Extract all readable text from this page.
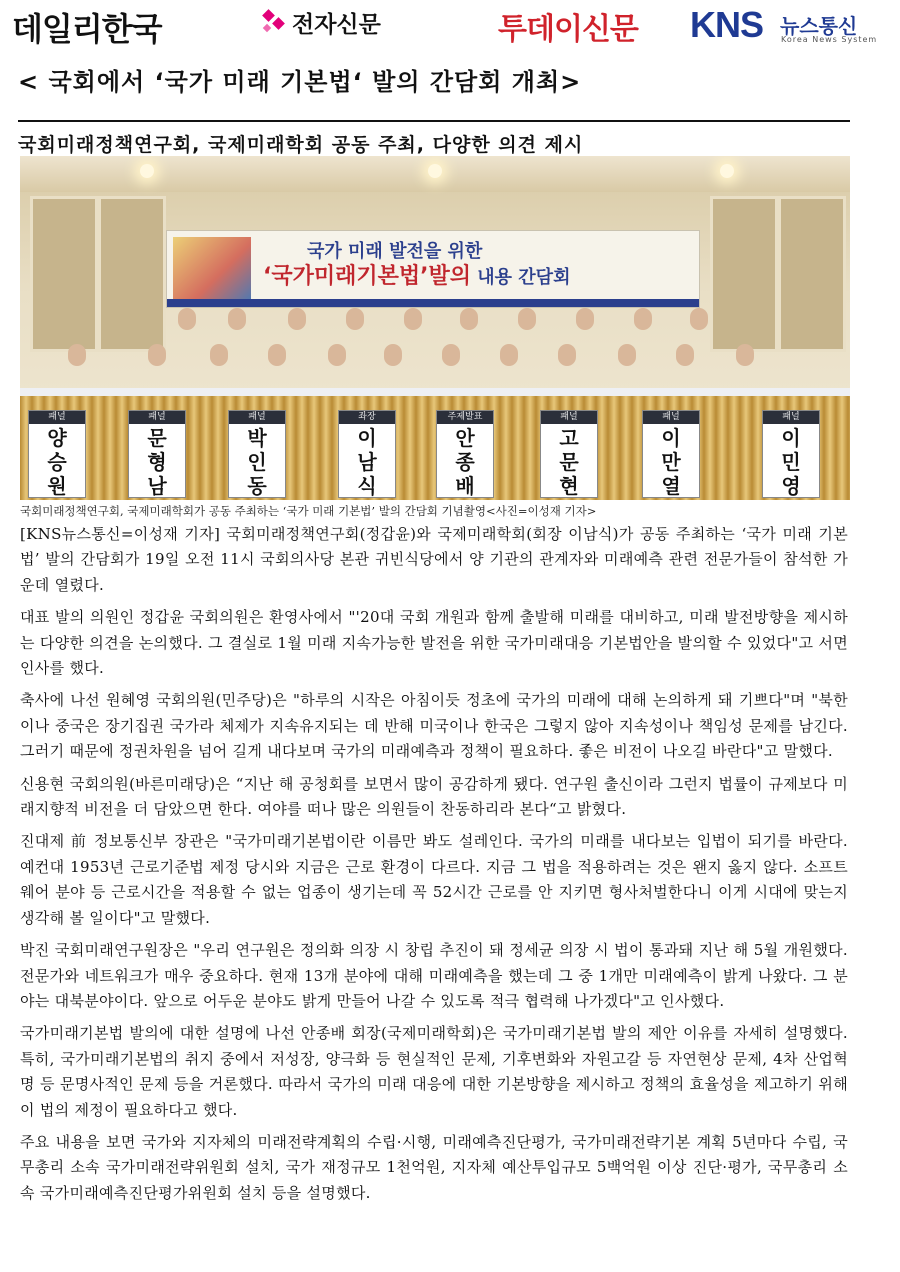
데일리한국	전자신문	투데이신문 KNS 뉴스통신
Korea News System
< 국회에서 ‘국가 미래 기본법‘ 발의 간담회 개최>
국회미래정책연구회, 국제미래학회 공동 주최, 다양한 의견 제시
국가 미래 발전을 위한
‘국가미래기본법’발의 내용 간담회
패널
양승원
패널
문형남
패널
박인동
좌장
이남식
주제발표
안종배
패널
고문현
패널
이만열
패널
이민영

국회미래정책연구회, 국제미래학회가 공동 주최하는 ‘국가 미래 기본법’ 발의 간담회 기념촬영<사진=이성재 기자>

[KNS뉴스통신=이성재 기자] 국회미래정책연구회(정갑윤)와 국제미래학회(회장 이남식)가 공동 주최하는 ‘국가 미래 기본법’ 발의 간담회가 19일 오전 11시 국회의사당 본관 귀빈식당에서 양 기관의 관계자와 미래예측 관련 전문가들이 참석한 가운데 열렸다.

대표 발의 의원인 정갑윤 국회의원은 환영사에서 "'20대 국회 개원과 함께 출발해 미래를 대비하고, 미래 발전방향을 제시하는 다양한 의견을 논의했다. 그 결실로 1월 미래 지속가능한 발전을 위한 국가미래대응 기본법안을 발의할 수 있었다"고 서면 인사를 했다.

축사에 나선 원혜영 국회의원(민주당)은 "하루의 시작은 아침이듯 정초에 국가의 미래에 대해 논의하게 돼 기쁘다"며 "북한이나 중국은 장기집권 국가라 체제가 지속유지되는 데 반해 미국이나 한국은 그렇지 않아 지속성이나 책임성 문제를 남긴다. 그러기 때문에 정권차원을 넘어 길게 내다보며 국가의 미래예측과 정책이 필요하다. 좋은 비전이 나오길 바란다"고 말했다.

신용현 국회의원(바른미래당)은 “지난 해 공청회를 보면서 많이 공감하게 됐다. 연구원 출신이라 그런지 법률이 규제보다 미래지향적 비전을 더 담았으면 한다. 여야를 떠나 많은 의원들이 찬동하리라 본다“고 밝혔다.

진대제 前 정보통신부 장관은 "국가미래기본법이란 이름만 봐도 설레인다. 국가의 미래를 내다보는 입법이 되기를 바란다. 예컨대 1953년 근로기준법 제정 당시와 지금은 근로 환경이 다르다. 지금 그 법을 적용하려는 것은 왠지 옳지 않다. 소프트웨어 분야 등 근로시간을 적용할 수 없는 업종이 생기는데 꼭 52시간 근로를 안 지키면 형사처벌한다니 이게 시대에 맞는지 생각해 볼 일이다"고 말했다.

박진 국회미래연구원장은 "우리 연구원은 정의화 의장 시 창립 추진이 돼 정세균 의장 시 법이 통과돼 지난 해 5월 개원했다. 전문가와 네트워크가 매우 중요하다. 현재 13개 분야에 대해 미래예측을 했는데 그 중 1개만 미래예측이 밝게 나왔다. 그 분야는 대북분야이다. 앞으로 어두운 분야도 밝게 만들어 나갈 수 있도록 적극 협력해 나가겠다"고 인사했다.

국가미래기본법 발의에 대한 설명에 나선 안종배 회장(국제미래학회)은 국가미래기본법 발의 제안 이유를 자세히 설명했다. 특히, 국가미래기본법의 취지 중에서 저성장, 양극화 등 현실적인 문제, 기후변화와 자원고갈 등 자연현상 문제, 4차 산업혁명 등 문명사적인 문제 등을 거론했다. 따라서 국가의 미래 대응에 대한 기본방향을 제시하고 정책의 효율성을 제고하기 위해 이 법의 제정이 필요하다고 했다.

주요 내용을 보면 국가와 지자체의 미래전략계획의 수립·시행, 미래예측진단평가, 국가미래전략기본 계획 5년마다 수립, 국무총리 소속 국가미래전략위원회 설치, 국가 재정규모 1천억원, 지자체 예산투입규모 5백억원 이상 진단·평가, 국무총리 소속 국가미래예측진단평가위원회 설치 등을 설명했다.
